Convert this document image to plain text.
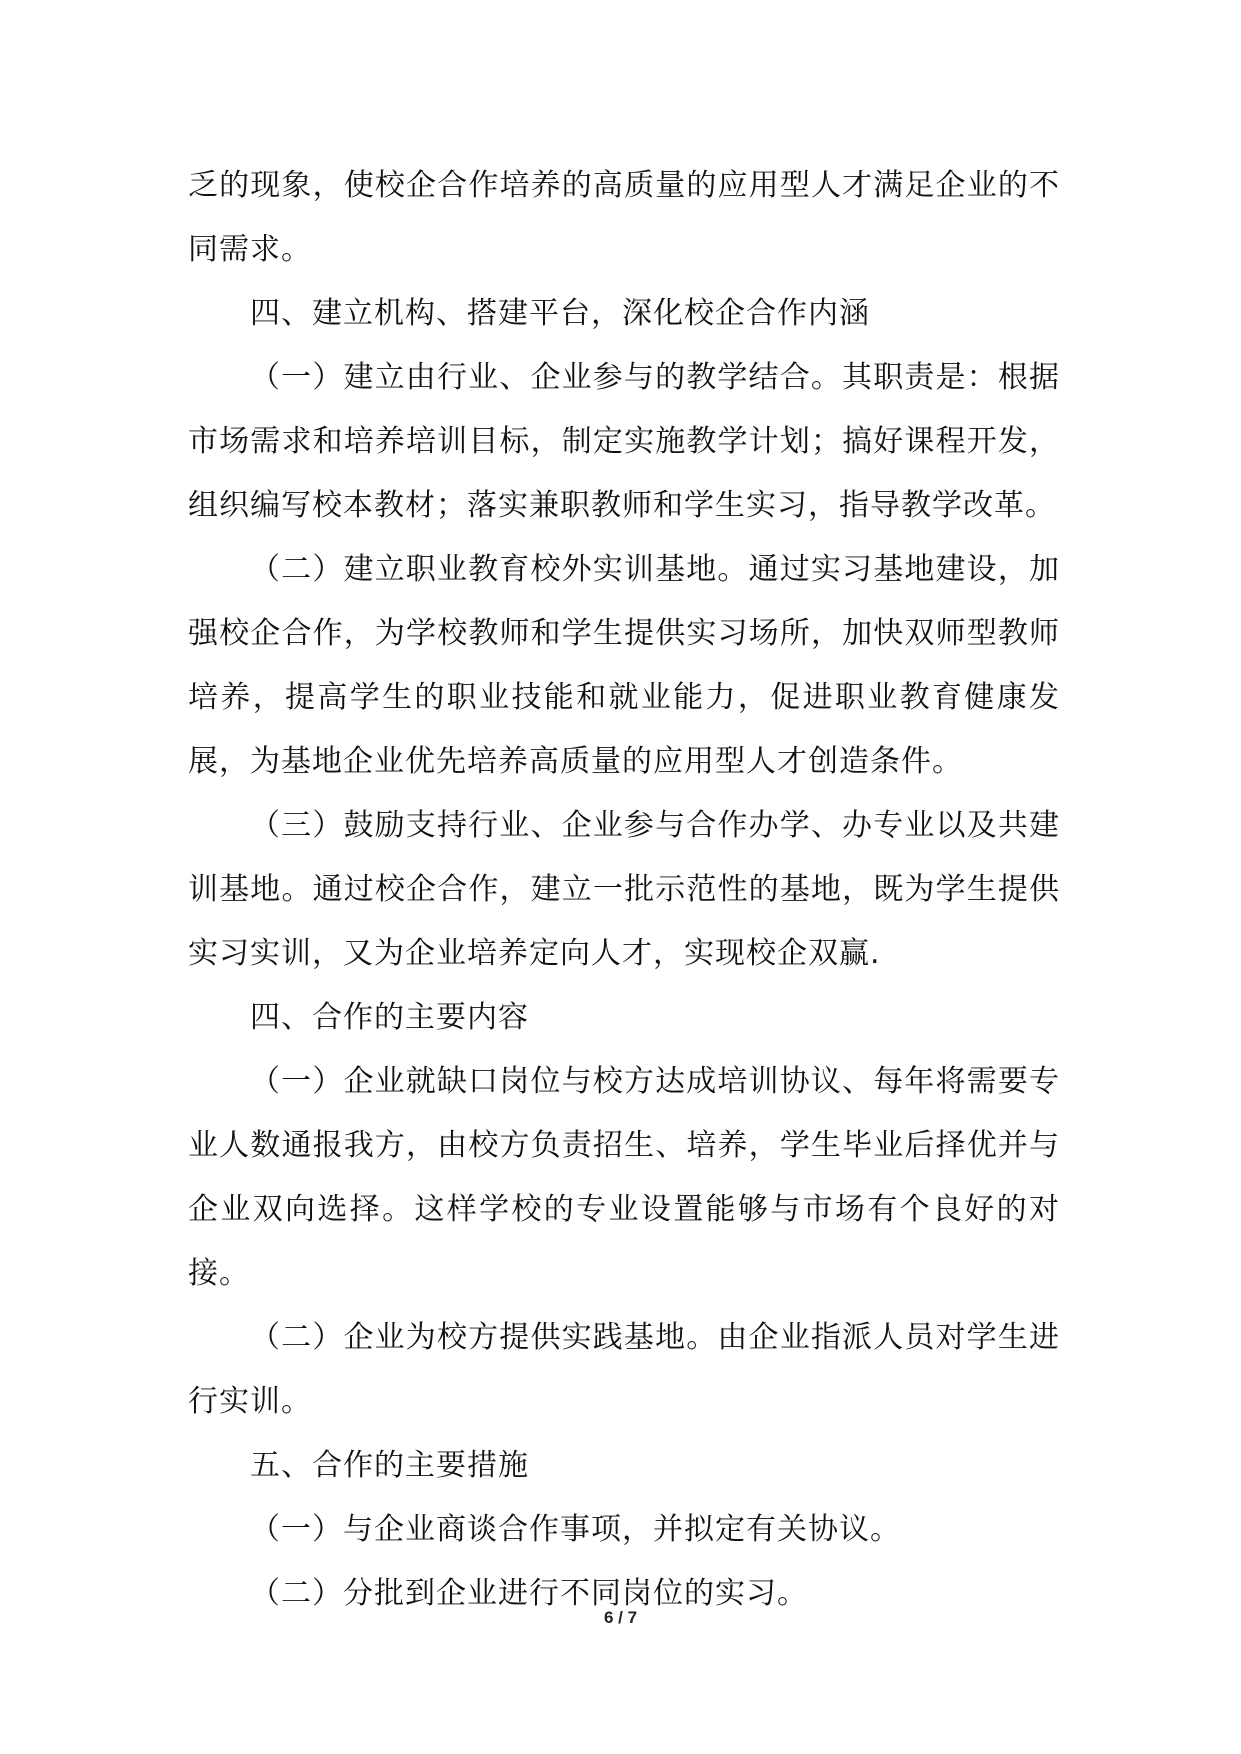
乏的现象，使校企合作培养的高质量的应用型人才满足企业的不同需求。

四、建立机构、搭建平台，深化校企合作内涵

（一）建立由行业、企业参与的教学结合。其职责是：根据市场需求和培养培训目标，制定实施教学计划；搞好课程开发，组织编写校本教材；落实兼职教师和学生实习，指导教学改革。

（二）建立职业教育校外实训基地。通过实习基地建设，加强校企合作，为学校教师和学生提供实习场所，加快双师型教师培养，提高学生的职业技能和就业能力，促进职业教育健康发展，为基地企业优先培养高质量的应用型人才创造条件。

（三）鼓励支持行业、企业参与合作办学、办专业以及共建训基地。通过校企合作，建立一批示范性的基地，既为学生提供实习实训，又为企业培养定向人才，实现校企双赢.

四、合作的主要内容

（一）企业就缺口岗位与校方达成培训协议、每年将需要专业人数通报我方，由校方负责招生、培养，学生毕业后择优并与企业双向选择。这样学校的专业设置能够与市场有个良好的对接。

（二）企业为校方提供实践基地。由企业指派人员对学生进行实训。

五、合作的主要措施

（一）与企业商谈合作事项，并拟定有关协议。

（二）分批到企业进行不同岗位的实习。

6 / 7
